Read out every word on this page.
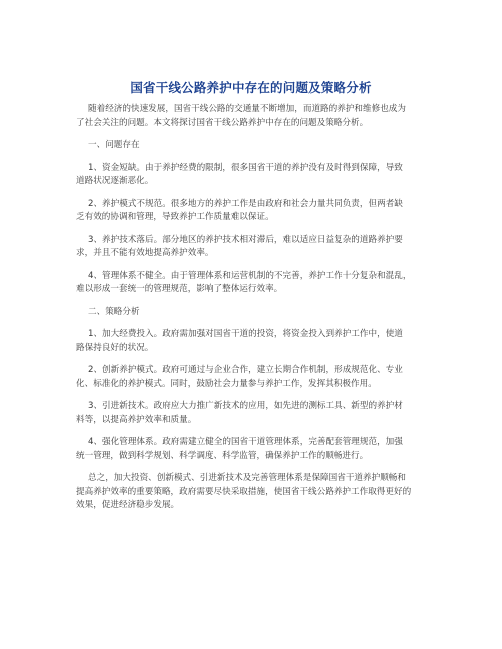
国省干线公路养护中存在的问题及策略分析

随着经济的快速发展，国省干线公路的交通量不断增加，而道路的养护和维修也成为
了社会关注的问题。本文将探讨国省干线公路养护中存在的问题及策略分析。

一、问题存在

1、资金短缺。由于养护经费的限制，很多国省干道的养护没有及时得到保障，导致
道路状况逐渐恶化。

2、养护模式不规范。很多地方的养护工作是由政府和社会力量共同负责，但两者缺
乏有效的协调和管理，导致养护工作质量难以保证。

3、养护技术落后。部分地区的养护技术相对滞后，难以适应日益复杂的道路养护要
求，并且不能有效地提高养护效率。

4、管理体系不健全。由于管理体系和运营机制的不完善，养护工作十分复杂和混乱，
难以形成一套统一的管理规范，影响了整体运行效率。

二、策略分析

1、加大经费投入。政府需加强对国省干道的投资，将资金投入到养护工作中，使道
路保持良好的状况。

2、创新养护模式。政府可通过与企业合作，建立长期合作机制，形成规范化、专业
化、标准化的养护模式。同时，鼓励社会力量参与养护工作，发挥其积极作用。

3、引进新技术。政府应大力推广新技术的应用，如先进的测标工具、新型的养护材
料等，以提高养护效率和质量。

4、强化管理体系。政府需建立健全的国省干道管理体系，完善配套管理规范，加强
统一管理，做到科学规划、科学调度、科学监管，确保养护工作的顺畅进行。

总之，加大投资、创新模式、引进新技术及完善管理体系是保障国省干道养护顺畅和
提高养护效率的重要策略，政府需要尽快采取措施，使国省干线公路养护工作取得更好的
效果，促进经济稳步发展。
